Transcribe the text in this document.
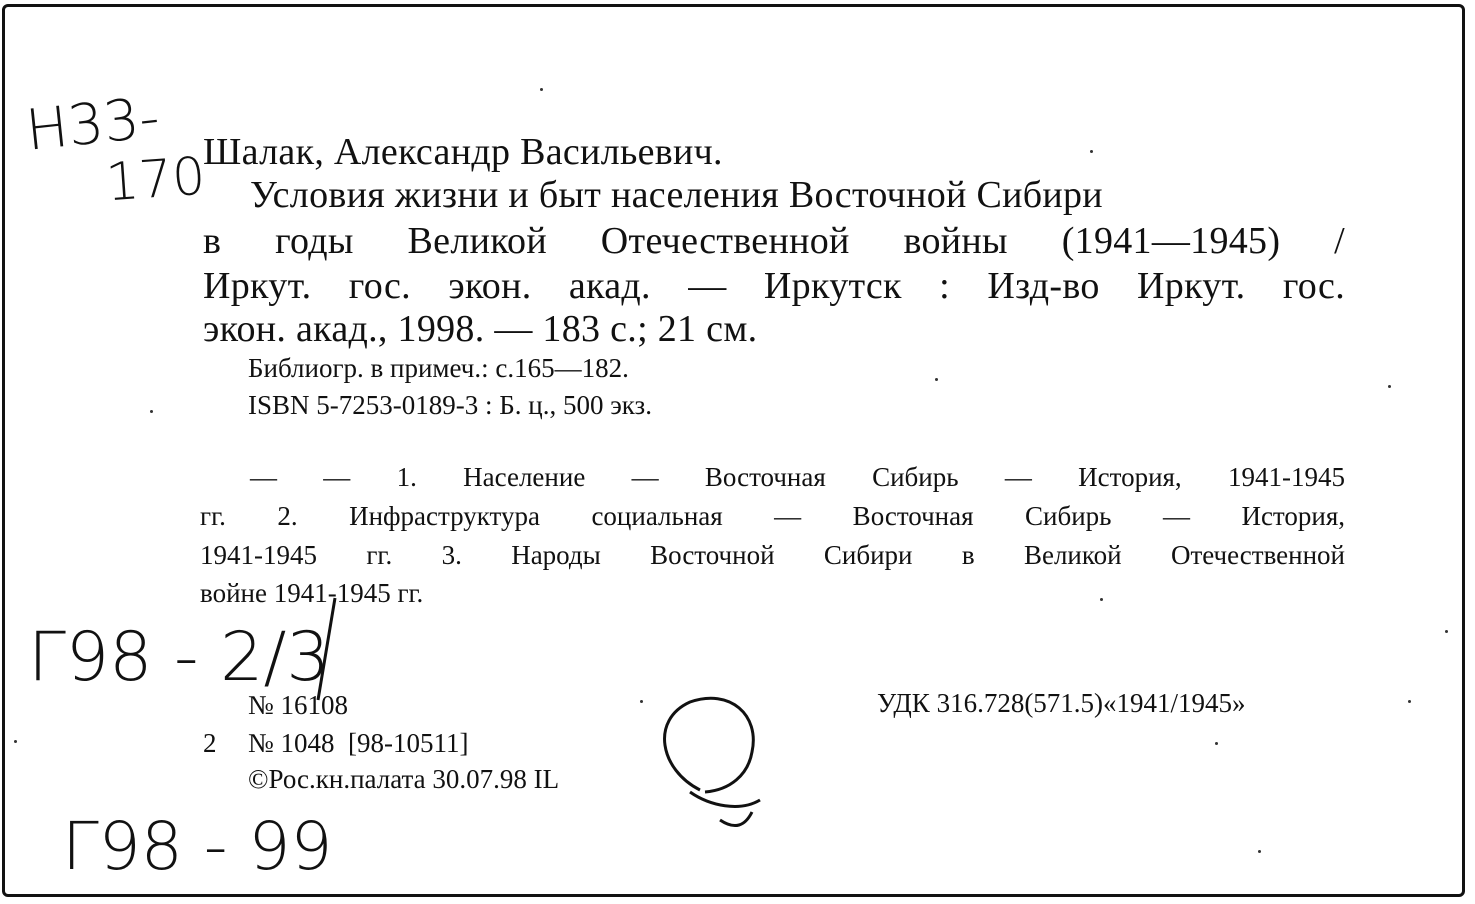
Н33-
170
Г98 - 2/3
Г98 - 99
Шалак, Александр Васильевич.
Условия жизни и быт населения Восточной Сибири
в годы Великой Отечественной войны (1941—1945) /
Иркут. гос. экон. акад. — Иркутск : Изд-во Иркут. гос.
экон. акад., 1998. — 183 с.; 21 см.
Библиогр. в примеч.: с.165—182.
ISBN 5-7253-0189-3 : Б. ц., 500 экз.
— — 1. Население — Восточная Сибирь — История, 1941-1945
гг. 2. Инфраструктура социальная — Восточная Сибирь — История,
1941-1945 гг. 3. Народы Восточной Сибири в Великой Отечественной
войне 1941-1945 гг.
№ 16108
2 № 1048  [98-10511]
©Рос.кн.палата 30.07.98 IL
УДК 316.728(571.5)«1941/1945»
